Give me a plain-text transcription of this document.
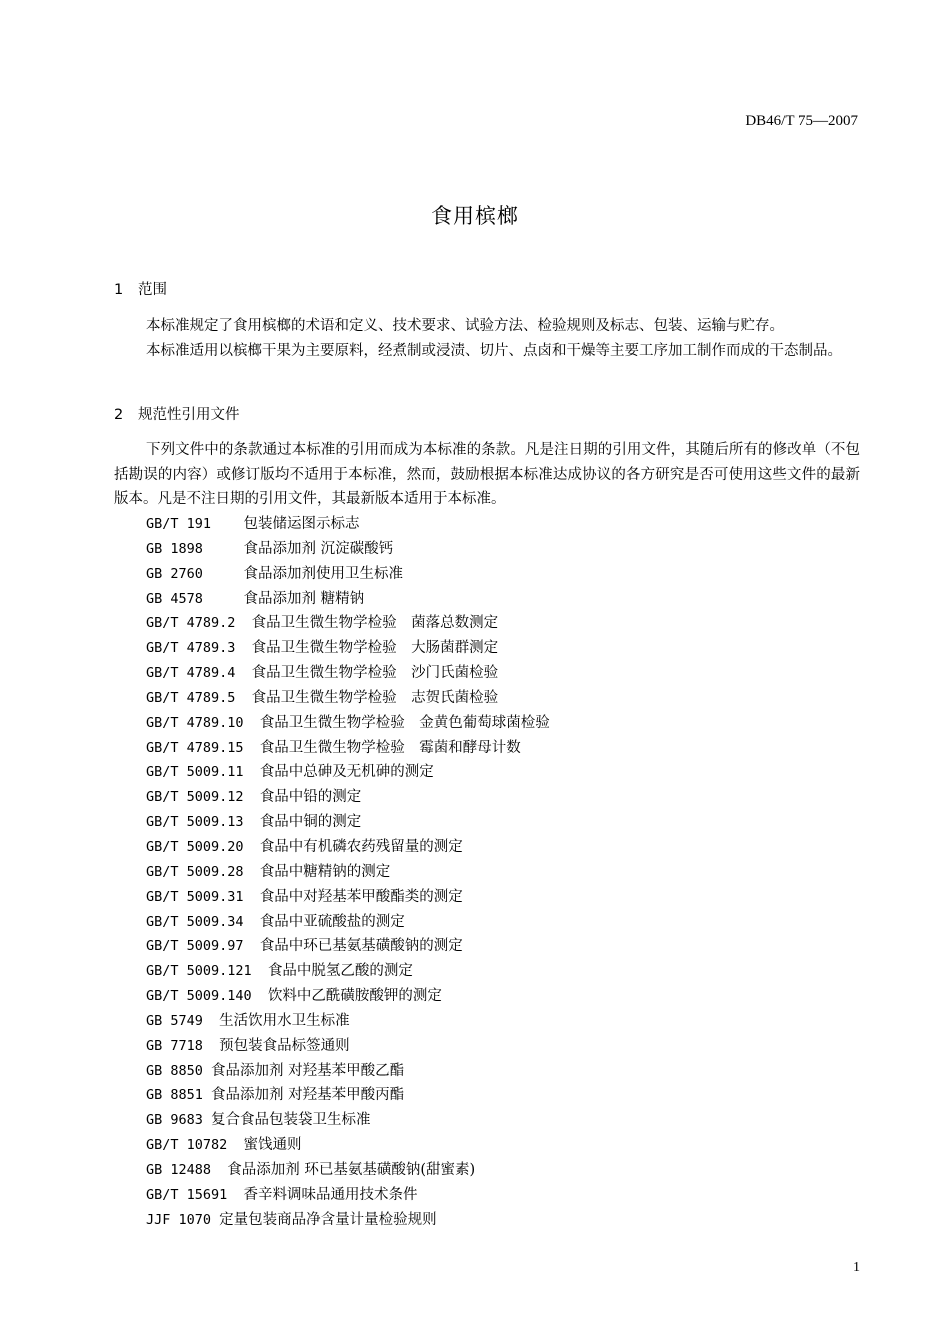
DB46/T 75—2007
食用槟榔
1 范围

本标准规定了食用槟榔的术语和定义、技术要求、试验方法、检验规则及标志、包装、运输与贮存。

本标准适用以槟榔干果为主要原料，经煮制或浸渍、切片、点卤和干燥等主要工序加工制作而成的干态制品。

2 规范性引用文件

下列文件中的条款通过本标准的引用而成为本标准的条款。凡是注日期的引用文件，其随后所有的修改单（不包括勘误的内容）或修订版均不适用于本标准，然而，鼓励根据本标准达成协议的各方研究是否可使用这些文件的最新版本。凡是不注日期的引用文件，其最新版本适用于本标准。

GB/T 191 包装储运图示标志
GB 1898	食品添加剂 沉淀碳酸钙
GB 2760	食品添加剂使用卫生标准
GB 4578	食品添加剂 糖精钠
GB/T 4789.2 食品卫生微生物学检验　菌落总数测定
GB/T 4789.3 食品卫生微生物学检验　大肠菌群测定
GB/T 4789.4 食品卫生微生物学检验　沙门氏菌检验
GB/T 4789.5 食品卫生微生物学检验　志贺氏菌检验
GB/T 4789.10 食品卫生微生物学检验　金黄色葡萄球菌检验
GB/T 4789.15 食品卫生微生物学检验　霉菌和酵母计数
GB/T 5009.11 食品中总砷及无机砷的测定
GB/T 5009.12 食品中铅的测定
GB/T 5009.13 食品中铜的测定
GB/T 5009.20 食品中有机磷农药残留量的测定
GB/T 5009.28 食品中糖精钠的测定
GB/T 5009.31 食品中对羟基苯甲酸酯类的测定
GB/T 5009.34 食品中亚硫酸盐的测定
GB/T 5009.97 食品中环已基氨基磺酸钠的测定
GB/T 5009.121 食品中脱氢乙酸的测定
GB/T 5009.140 饮料中乙酰磺胺酸钾的测定
GB 5749 生活饮用水卫生标准
GB 7718 预包装食品标签通则
GB 8850 食品添加剂 对羟基苯甲酸乙酯
GB 8851 食品添加剂 对羟基苯甲酸丙酯
GB 9683 复合食品包装袋卫生标准
GB/T 10782 蜜饯通则
GB 12488 食品添加剂 环已基氨基磺酸钠(甜蜜素)
GB/T 15691 香辛料调味品通用技术条件
JJF 1070 定量包装商品净含量计量检验规则
1
